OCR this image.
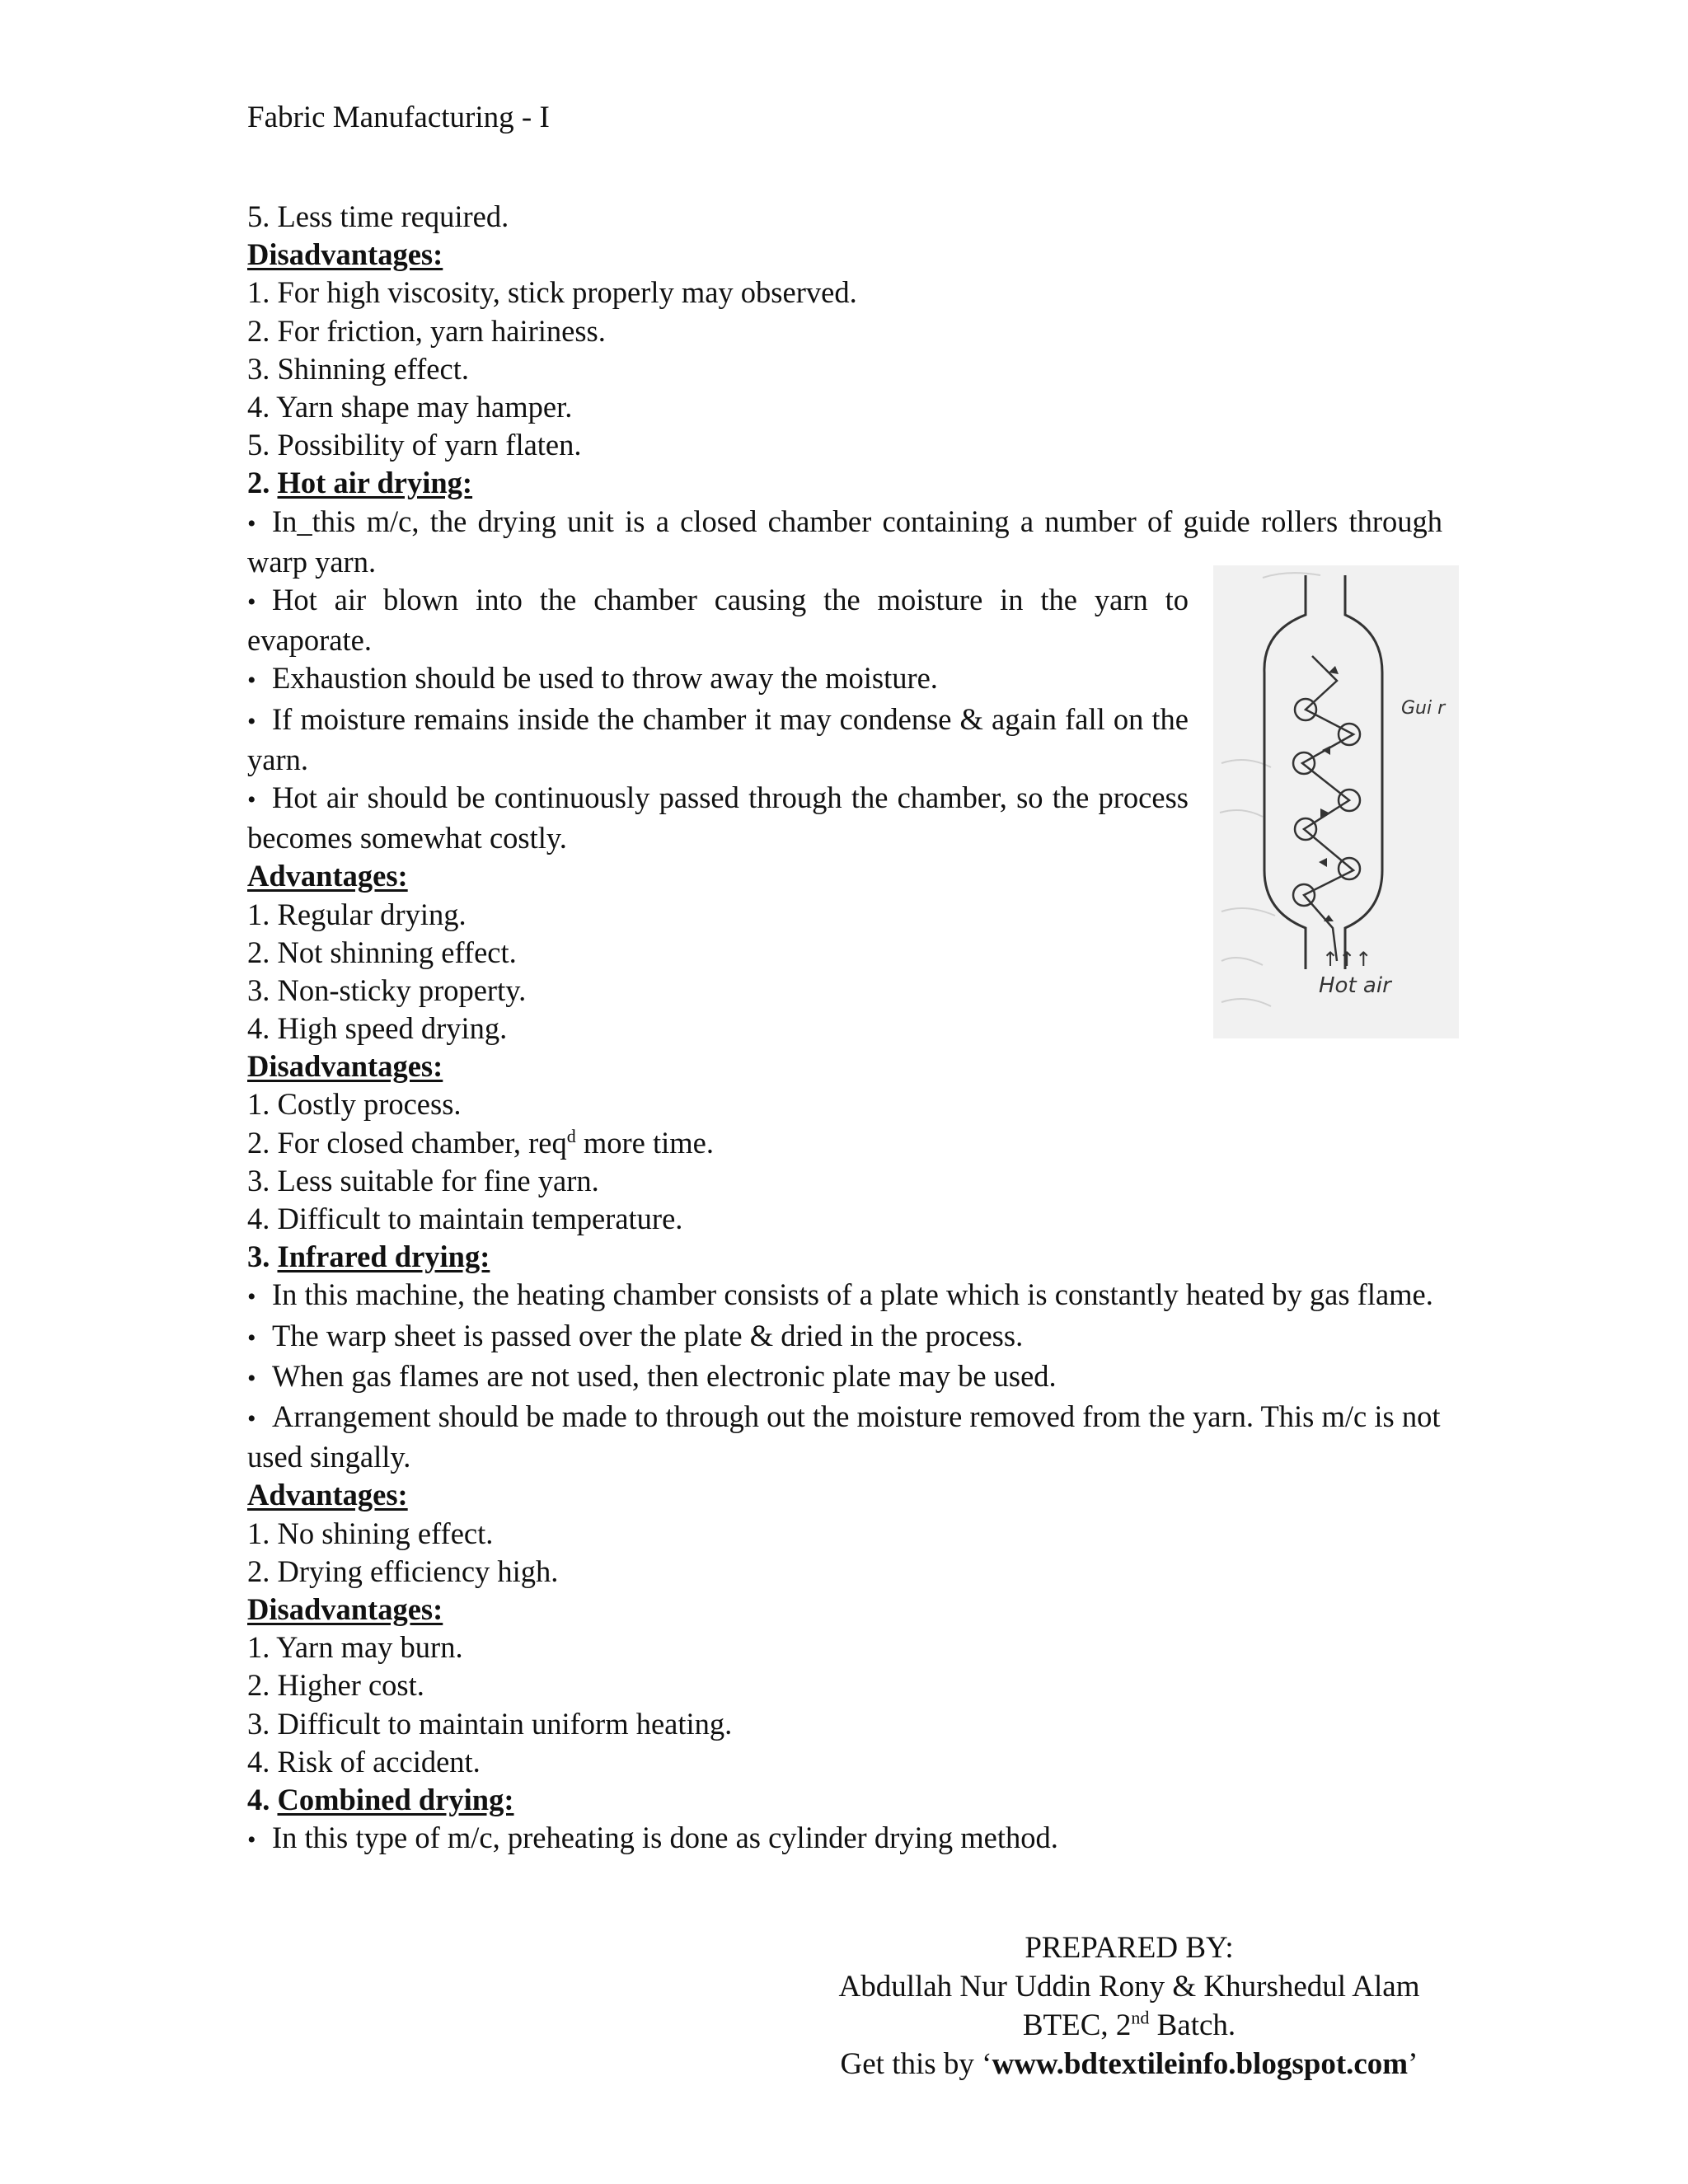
Fabric Manufacturing - I
5. Less time required.
Disadvantages:
1. For high viscosity, stick properly may observed.
2. For friction, yarn hairiness.
3. Shinning effect.
4. Yarn shape may hamper.
5. Possibility of yarn flaten.
2. Hot air drying:
• In_this m/c, the drying unit is a closed chamber containing a number of guide rollers through warp yarn.
• Hot air blown into the chamber causing the moisture in the yarn to evaporate.
• Exhaustion should be used to throw away the moisture.
• If moisture remains inside the chamber it may condense & again fall on the yarn.
• Hot air should be continuously passed through the chamber, so the process becomes somewhat costly.
Advantages:
1. Regular drying.
2. Not shinning effect.
3. Non-sticky property.
4. High speed drying.
Disadvantages:
1. Costly process.
2. For closed chamber, req$^d$ more time.
3. Less suitable for fine yarn.
4. Difficult to maintain temperature.
3. Infrared drying:
• In this machine, the heating chamber consists of a plate which is constantly heated by gas flame.
• The warp sheet is passed over the plate & dried in the process.
• When gas flames are not used, then electronic plate may be used.
• Arrangement should be made to through out the moisture removed from the yarn. This m/c is not used singally.
Advantages:
1. No shining effect.
2. Drying efficiency high.
Disadvantages:
1. Yarn may burn.
2. Higher cost.
3. Difficult to maintain uniform heating.
4. Risk of accident.
4. Combined drying:
• In this type of m/c, preheating is done as cylinder drying method.
Gui r
↑↑↑
Hot air
PREPARED BY:
Abdullah Nur Uddin Rony & Khurshedul Alam
BTEC, 2nd Batch.
Get this by ‘www.bdtextileinfo.blogspot.com’
